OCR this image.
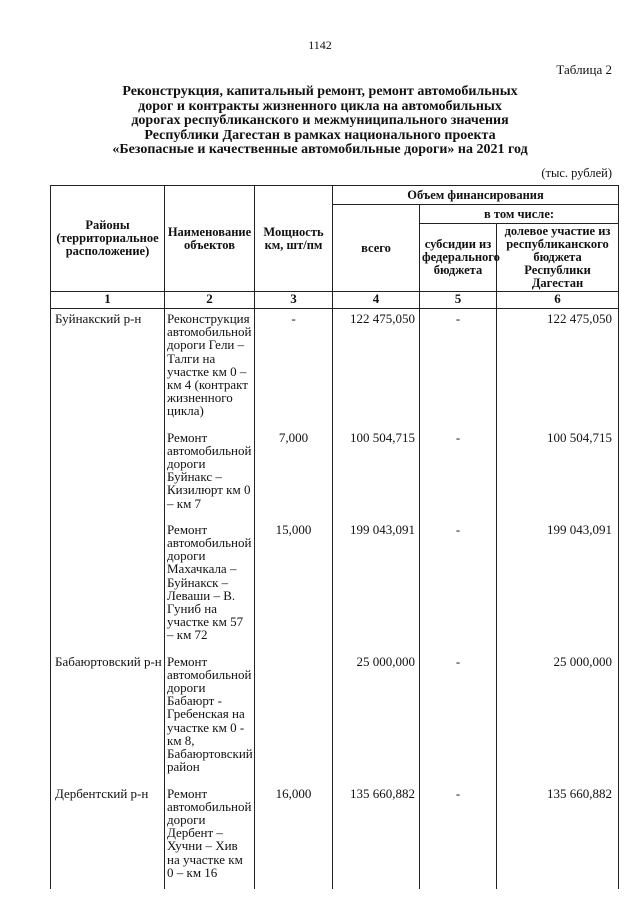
1142
Таблица 2
Реконструкция, капитальный ремонт, ремонт автомобильных
дорог и контракты жизненного цикла на автомобильных
дорогах республиканского и межмуниципального значения
Республики Дагестан в рамках национального проекта
«Безопасные и качественные автомобильные дороги» на 2021 год
(тыс. рублей)
Районы (территориальное расположение)	Наименование объектов	Мощность км, шт/пм	Объем финансирования		
			всего	в том числе:	
				субсидии из федерального бюджета	долевое участие из республиканского бюджета Республики Дагестан
1	2	3	4	5	6
Буйнакский р-н	Реконструкция автомобильной дороги Гели – Талги на участке км 0 – км 4 (контракт жизненного цикла)	-	122 475,050	-	122 475,050
	Ремонт автомобильной дороги Буйнакс – Кизилюрт км 0 – км 7	7,000	100 504,715	-	100 504,715
	Ремонт автомобильной дороги Махачкала – Буйнакск – Леваши – В. Гуниб на участке км 57 – км 72	15,000	199 043,091	-	199 043,091
Бабаюртовский р-н	Ремонт автомобильной дороги Бабаюрт - Гребенская на участке км 0 - км 8, Бабаюртовский район		25 000,000	-	25 000,000
Дербентский р-н	Ремонт автомобильной дороги Дербент – Хучни – Хив на участке км 0 – км 16	16,000	135 660,882	-	135 660,882
